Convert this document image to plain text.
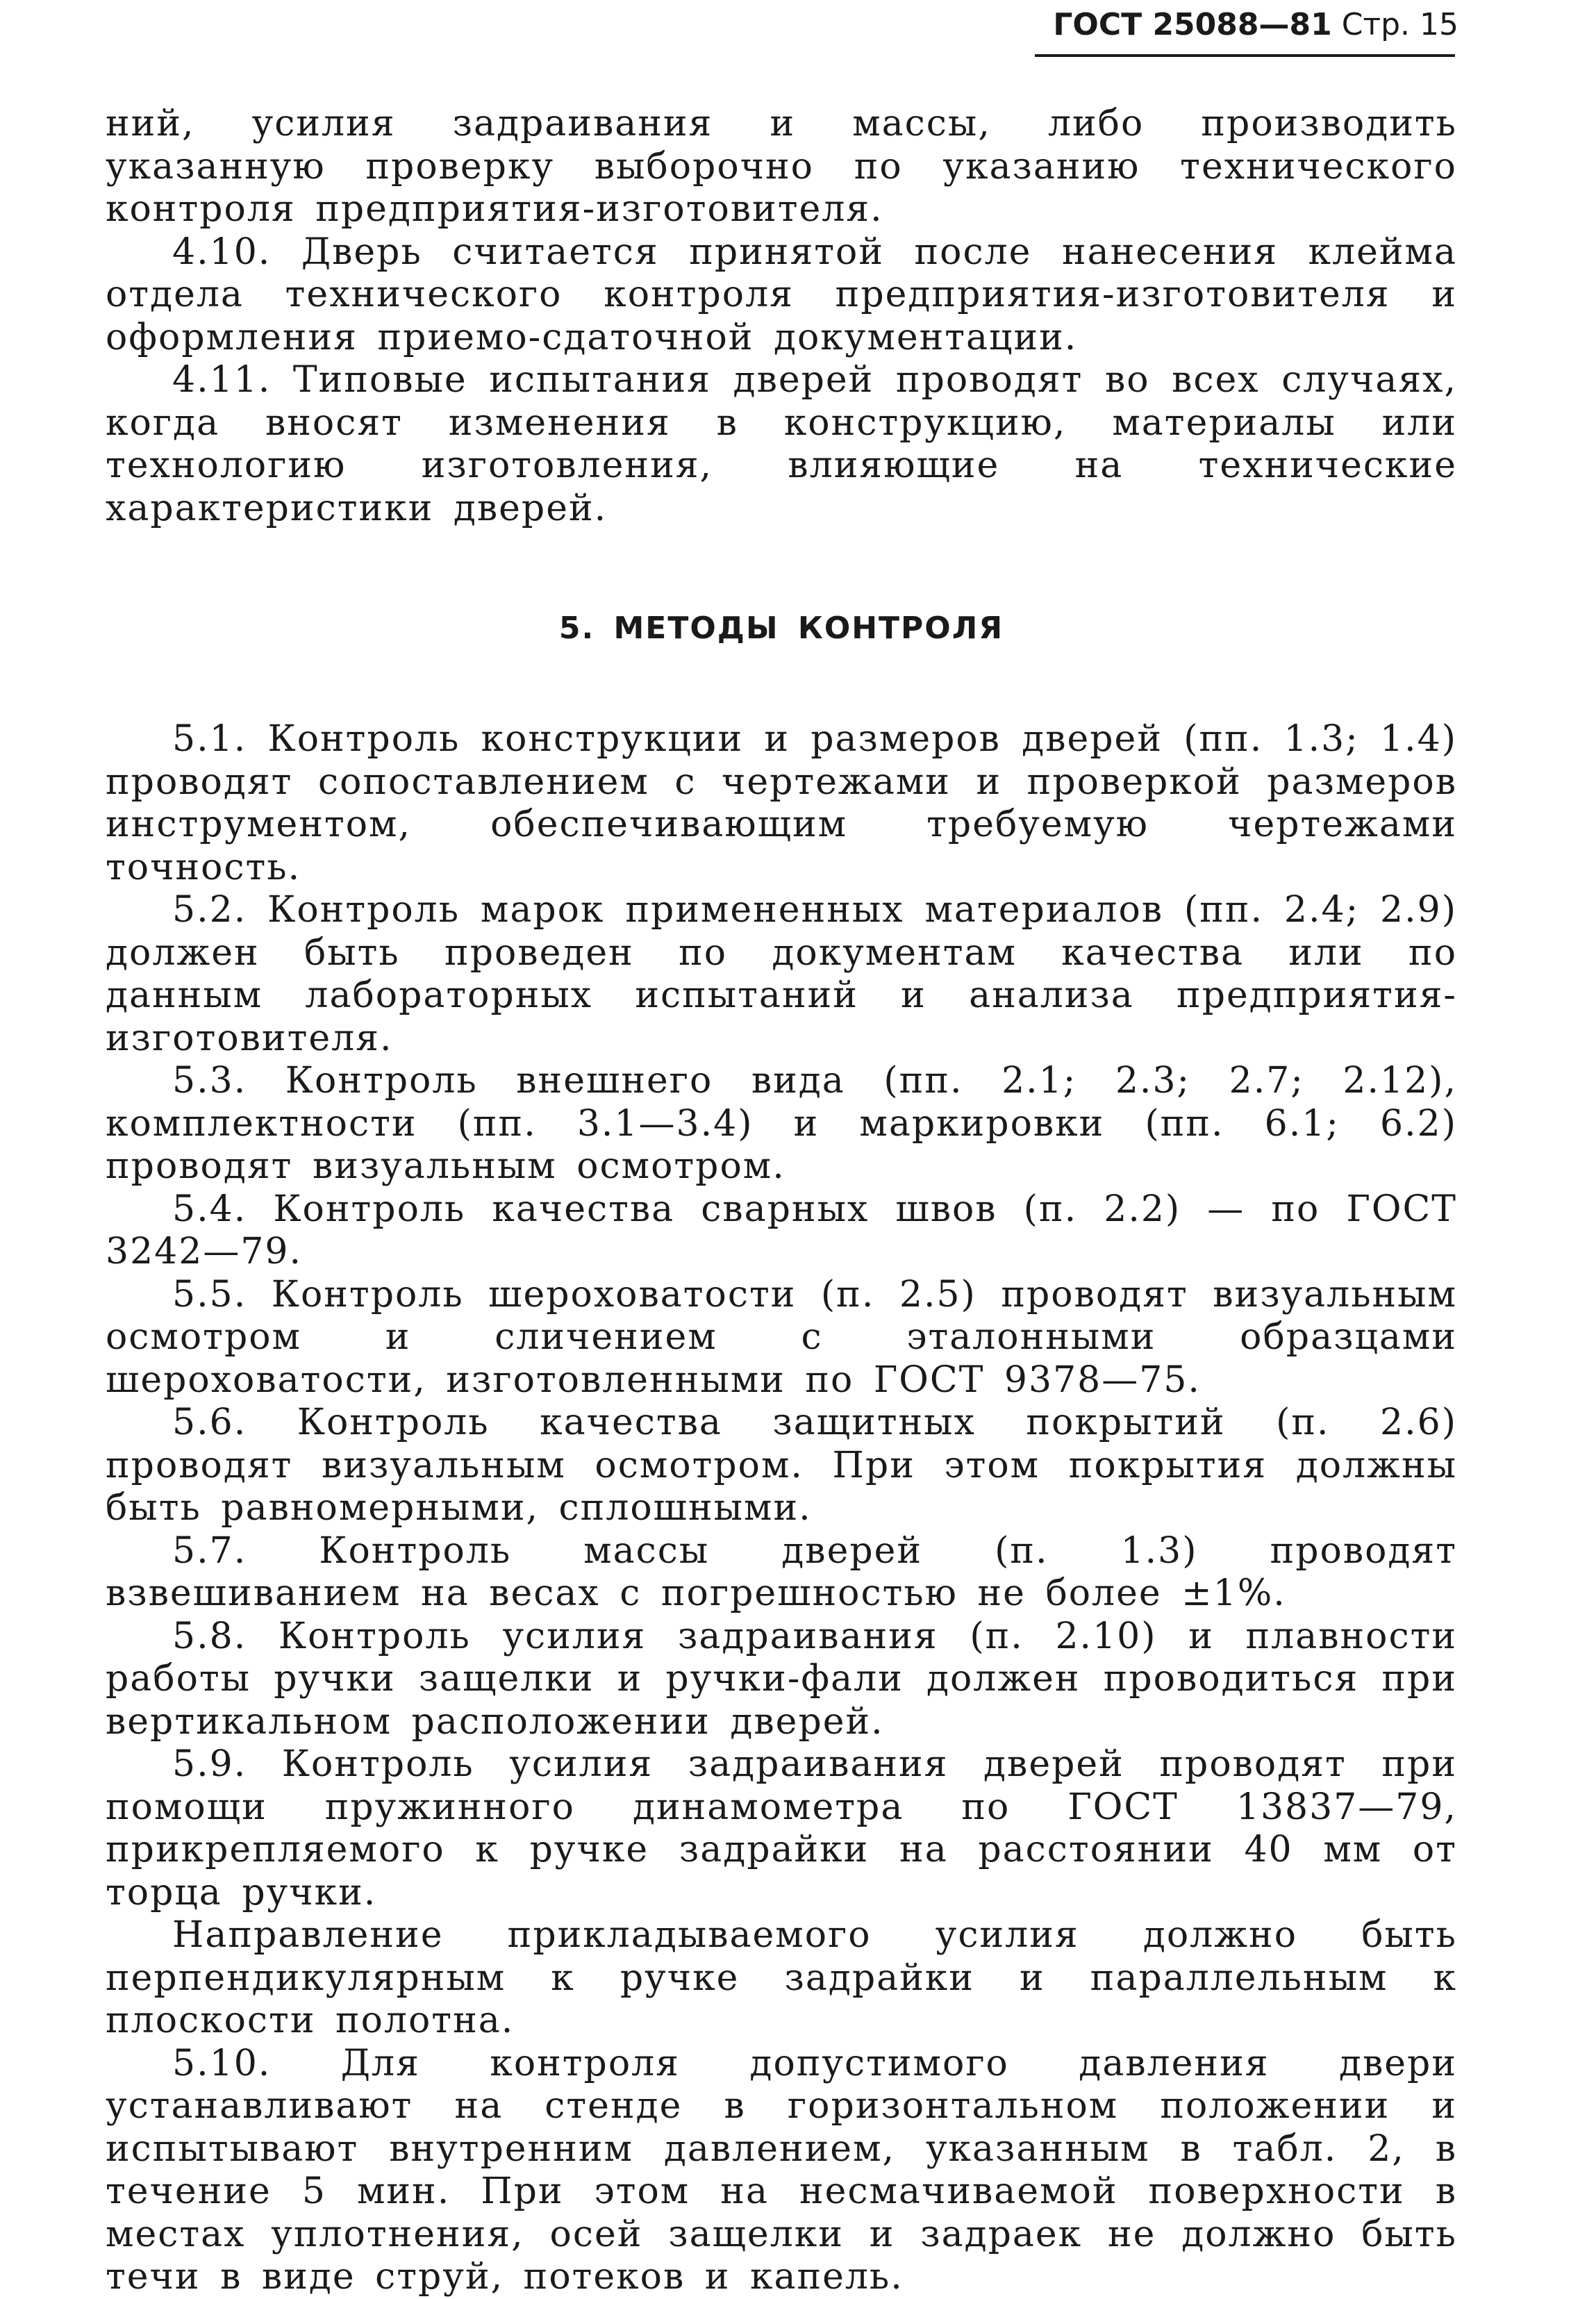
ГОСТ 25088—81 Стр. 15

ний, усилия задраивания и массы, либо производить указанную проверку выборочно по указанию технического контроля предприятия-изготовителя.

4.10. Дверь считается принятой после нанесения клейма отдела технического контроля предприятия-изготовителя и оформления приемо-сдаточной документации.

4.11. Типовые испытания дверей проводят во всех случаях, когда вносят изменения в конструкцию, материалы или технологию изготовления, влияющие на технические характеристики дверей.

5. МЕТОДЫ КОНТРОЛЯ

5.1. Контроль конструкции и размеров дверей (пп. 1.3; 1.4) проводят сопоставлением с чертежами и проверкой размеров инструментом, обеспечивающим требуемую чертежами точность.

5.2. Контроль марок примененных материалов (пп. 2.4; 2.9) должен быть проведен по документам качества или по данным лабораторных испытаний и анализа предприятия-изготовителя.

5.3. Контроль внешнего вида (пп. 2.1; 2.3; 2.7; 2.12), комплектности (пп. 3.1—3.4) и маркировки (пп. 6.1; 6.2) проводят визуальным осмотром.

5.4. Контроль качества сварных швов (п. 2.2) — по ГОСТ 3242—79.

5.5. Контроль шероховатости (п. 2.5) проводят визуальным осмотром и сличением с эталонными образцами шероховатости, изготовленными по ГОСТ 9378—75.

5.6. Контроль качества защитных покрытий (п. 2.6) проводят визуальным осмотром. При этом покрытия должны быть равномерными, сплошными.

5.7. Контроль массы дверей (п. 1.3) проводят взвешиванием на весах с погрешностью не более ±1%.

5.8. Контроль усилия задраивания (п. 2.10) и плавности работы ручки защелки и ручки-фали должен проводиться при вертикальном расположении дверей.

5.9. Контроль усилия задраивания дверей проводят при помощи пружинного динамометра по ГОСТ 13837—79, прикрепляемого к ручке задрайки на расстоянии 40 мм от торца ручки.

Направление прикладываемого усилия должно быть перпендикулярным к ручке задрайки и параллельным к плоскости полотна.

5.10. Для контроля допустимого давления двери устанавливают на стенде в горизонтальном положении и испытывают внутренним давлением, указанным в табл. 2, в течение 5 мин. При этом на несмачиваемой поверхности в местах уплотнения, осей защелки и задраек не должно быть течи в виде струй, потеков и капель.
